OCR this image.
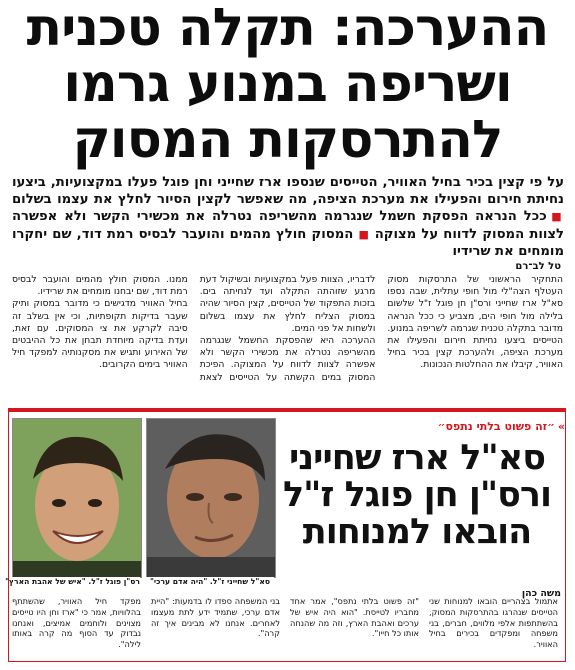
ההערכה: תקלה טכנית
ושריפה במנוע גרמו
להתרסקות המסוק
על פי קצין בכיר בחיל האוויר, הטייסים שנספו ארז שחייני וחן פוגל פעלו במקצועיות, ביצעו נחיתת חירום והפעילו את מערכת הציפה, מה שאפשר לקצין הסיור לחלץ את עצמו בשלום ■ ככל הנראה הפסקת חשמל שנגרמה מהשריפה נטרלה את מכשירי הקשר ולא אפשרה לצוות המסוק לדווח על מצוקה ■ המסוק חולץ מהמים והועבר לבסיס רמת דוד, שם יחקרו מומחים את שרידיו
טל לב־רם

התחקיר הראשוני של התרסקות מסוק העטלף הצה"לי מול חופי עתלית, שבה נספו סא"ל ארז שחייני ורס"ן חן פוגל ז"ל שלשום בלילה מול חופי הים, מצביע כי ככל הנראה מדובר בתקלה טכנית שגרמה לשריפה במנוע. הטייסים ביצעו נחיתת חירום והפעילו את מערכת הציפה, ולהערכת קצין בכיר בחיל האוויר, קיבלו את ההחלטות הנכונות.

לדבריו, הצוות פעל במקצועיות ובשיקול דעת מרגע שזוהתה התקלה ועד לנחיתה בים. בזכות התפקוד של הטייסים, קצין הסיור שהיה במסוק הצליח לחלץ את עצמו בשלום ולשחות אל פני המים.

ההערכה היא שהפסקת החשמל שנגרמה מהשריפה נטרלה את מכשירי הקשר ולא אפשרה לצוות לדווח על המצוקה. הפיכת המסוק במים הקשתה על הטייסים לצאת ממנו. המסוק חולץ מהמים והועבר לבסיס רמת דוד, שם יבחנו מומחים את שרידיו.

בחיל האוויר מדגישים כי מדובר במסוק ותיק שעבר בדיקות תקופתיות, וכי אין בשלב זה סיבה לקרקע את צי המסוקים. עם זאת, ועדת בדיקה מיוחדת תבחן את כל ההיבטים של האירוע ותגיש את מסקנותיה למפקד חיל האוויר בימים הקרובים.

»״זה פשוט בלתי נתפס״
סא"ל ארז שחייני
ורס"ן חן פוגל ז"ל
הובאו למנוחות
סא"ל שחייני ז"ל. "היה אדם ערכי"
רס"ן פוגל ז"ל. "איש של אהבת הארץ"
משה כהן

אתמול בצהריים הובאו למנוחות שני הטייסים שנהרגו בהתרסקות המסוק, בהשתתפות אלפי מלווים, חברים, בני משפחה ומפקדים בכירים בחיל האוויר.

"זה פשוט בלתי נתפס", אמר אחד מחבריו לטייסת. "הוא היה איש של ערכים ואהבת הארץ, וזה מה שהנחה אותו כל חייו".

בני המשפחה ספדו לו בדמעות: "היית אדם ערכי, שתמיד ידע לתת מעצמו לאחרים. אנחנו לא מבינים איך זה קרה".

מפקד חיל האוויר, שהשתתף בהלוויות, אמר כי "ארז וחן היו טייסים מצוינים ולוחמים אמיצים, ואנחנו נבדוק עד הסוף מה קרה באותו לילה".
